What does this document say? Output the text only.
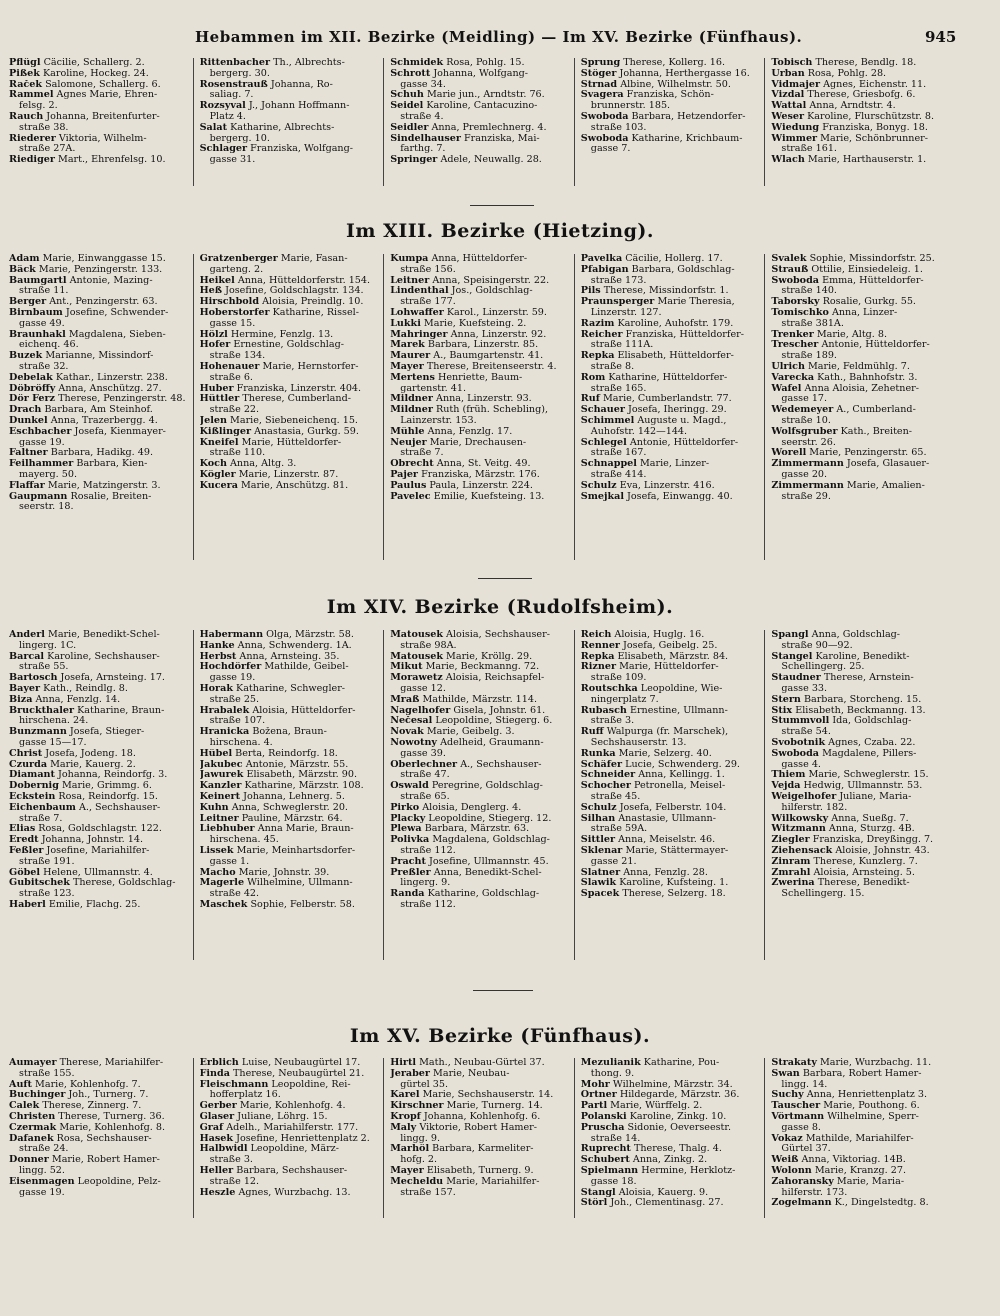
Hebammen im XII. Bezirke (Meidling) — Im XV. Bezirke (Fünfhaus).	945
Pflügl Cäcilie, Schallerg. 2.
Pißek Karoline, Hockeg. 24.
Raček Salomone, Schallerg. 6.
Rammel Agnes Marie, Ehren-
felsg. 2.
Rauch Johanna, Breitenfurter-
straße 38.
Riederer Viktoria, Wilhelm-
straße 27A.
Riediger Mart., Ehrenfelsg. 10.
Rittenbacher Th., Albrechts-
bergerg. 30.
Rosenstrauß Johanna, Ro-
saliag. 7.
Rozsyval J., Johann Hoffmann-
Platz 4.
Salat Katharine, Albrechts-
bergerg. 10.
Schlager Franziska, Wolfgang-
gasse 31.
Schmidek Rosa, Pohlg. 15.
Schrott Johanna, Wolfgang-
gasse 34.
Schuh Marie jun., Arndtstr. 76.
Seidel Karoline, Cantacuzino-
straße 4.
Seidler Anna, Premlechnerg. 4.
Sindelhauser Franziska, Mai-
farthg. 7.
Springer Adele, Neuwallg. 28.
Sprung Therese, Kollerg. 16.
Stöger Johanna, Herthergasse 16.
Strnad Albine, Wilhelmstr. 50.
Svagera Franziska, Schön-
brunnerstr. 185.
Swoboda Barbara, Hetzendorfer-
straße 103.
Swoboda Katharine, Krichbaum-
gasse 7.
Tobisch Therese, Bendlg. 18.
Urban Rosa, Pohlg. 28.
Vidmajer Agnes, Eichenstr. 11.
Vizdal Therese, Griesbofg. 6.
Wattal Anna, Arndtstr. 4.
Weser Karoline, Flurschützstr. 8.
Wiedung Franziska, Bonyg. 18.
Wimmer Marie, Schönbrunner-
straße 161.
Wlach Marie, Harthauserstr. 1.
Im XIII. Bezirke (Hietzing).
Adam Marie, Einwanggasse 15.
Bäck Marie, Penzingerstr. 133.
Baumgartl Antonie, Mazing-
straße 11.
Berger Ant., Penzingerstr. 63.
Birnbaum Josefine, Schwender-
gasse 49.
Braunhakl Magdalena, Sieben-
eichenq. 46.
Buzek Marianne, Missindorf-
straße 32.
Debelak Kathar., Linzerstr. 238.
Döbröffy Anna, Anschützg. 27.
Dör Ferz Therese, Penzingerstr. 48.
Drach Barbara, Am Steinhof.
Dunkel Anna, Trazerbergg. 4.
Eschbacher Josefa, Kienmayer-
gasse 19.
Faltner Barbara, Hadikg. 49.
Feilhammer Barbara, Kien-
mayerg. 50.
Flaffar Marie, Matzingerstr. 3.
Gaupmann Rosalie, Breiten-
seerstr. 18.
Gratzenberger Marie, Fasan-
garteng. 2.
Heikel Anna, Hütteldorferstr. 154.
Heß Josefine, Goldschlagstr. 134.
Hirschbold Aloisia, Preindlg. 10.
Hoberstorfer Katharine, Rissel-
gasse 15.
Hölzl Hermine, Fenzlg. 13.
Hofer Ernestine, Goldschlag-
straße 134.
Hohenauer Marie, Hernstorfer-
straße 6.
Huber Franziska, Linzerstr. 404.
Hüttler Therese, Cumberland-
straße 22.
Jelen Marie, Siebeneichenq. 15.
Kißlinger Anastasia, Gurkg. 59.
Kneifel Marie, Hütteldorfer-
straße 110.
Koch Anna, Altg. 3.
Kögler Marie, Linzerstr. 87.
Kucera Marie, Anschützg. 81.
Kumpa Anna, Hütteldorfer-
straße 156.
Leitner Anna, Speisingerstr. 22.
Lindenthal Jos., Goldschlag-
straße 177.
Lohwaffer Karol., Linzerstr. 59.
Lukki Marie, Kuefsteing. 2.
Mahringer Anna, Linzerstr. 92.
Marek Barbara, Linzerstr. 85.
Maurer A., Baumgartenstr. 41.
Mayer Therese, Breitenseerstr. 4.
Mertens Henriette, Baum-
gartenstr. 41.
Mildner Anna, Linzerstr. 93.
Mildner Ruth (früh. Schebling),
Lainzerstr. 153.
Mühle Anna, Fenzlg. 17.
Neujer Marie, Drechausen-
straße 7.
Obrecht Anna, St. Veitg. 49.
Pajer Franziska, Märzstr. 176.
Paulus Paula, Linzerstr. 224.
Pavelec Emilie, Kuefsteing. 13.
Pavelka Cäcilie, Hollerg. 17.
Pfabigan Barbara, Goldschlag-
straße 173.
Pils Therese, Missindorfstr. 1.
Praunsperger Marie Theresia,
Linzerstr. 127.
Razim Karoline, Auhofstr. 179.
Reicher Franziska, Hütteldorfer-
straße 111A.
Repka Elisabeth, Hütteldorfer-
straße 8.
Rom Katharine, Hütteldorfer-
straße 165.
Ruf Marie, Cumberlandstr. 77.
Schauer Josefa, Iheringg. 29.
Schimmel Auguste u. Magd.,
Auhofstr. 142—144.
Schlegel Antonie, Hütteldorfer-
straße 167.
Schnappel Marie, Linzer-
straße 414.
Schulz Eva, Linzerstr. 416.
Smejkal Josefa, Einwangg. 40.
Svalek Sophie, Missindorfstr. 25.
Strauß Ottilie, Einsiedeleig. 1.
Swoboda Emma, Hütteldorfer-
straße 140.
Taborsky Rosalie, Gurkg. 55.
Tomischko Anna, Linzer-
straße 381A.
Trenker Marie, Altg. 8.
Trescher Antonie, Hütteldorfer-
straße 189.
Ulrich Marie, Feldmühlg. 7.
Varecka Kath., Bahnhofstr. 3.
Wafel Anna Aloisia, Zehetner-
gasse 17.
Wedemeyer A., Cumberland-
straße 10.
Wolfsgruber Kath., Breiten-
seerstr. 26.
Worell Marie, Penzingerstr. 65.
Zimmermann Josefa, Glasauer-
gasse 20.
Zimmermann Marie, Amalien-
straße 29.
Im XIV. Bezirke (Rudolfsheim).
Anderl Marie, Benedikt-Schel-
lingerg. 1C.
Barcal Karoline, Sechshauser-
straße 55.
Bartosch Josefa, Arnsteing. 17.
Bayer Kath., Reindlg. 8.
Biza Anna, Fenzlg. 14.
Bruckthaler Katharine, Braun-
hirschena. 24.
Bunzmann Josefa, Stieger-
gasse 15—17.
Christ Josefa, Jodeng. 18.
Czurda Marie, Kauerg. 2.
Diamant Johanna, Reindorfg. 3.
Dobernig Marie, Grimmg. 6.
Eckstein Rosa, Reindorfg. 15.
Eichenbaum A., Sechshauser-
straße 7.
Elias Rosa, Goldschlagstr. 122.
Eredt Johanna, Johnstr. 14.
Feßler Josefine, Mariahilfer-
straße 191.
Göbel Helene, Ullmannstr. 4.
Gubitschek Therese, Goldschlag-
straße 123.
Haberl Emilie, Flachg. 25.
Habermann Olga, Märzstr. 58.
Hanke Anna, Schwenderg. 1A.
Herbst Anna, Arnsteing. 35.
Hochdörfer Mathilde, Geibel-
gasse 19.
Horak Katharine, Schwegler-
straße 25.
Hrabalek Aloisia, Hütteldorfer-
straße 107.
Hranicka Božena, Braun-
hirschena. 4.
Hübel Berta, Reindorfg. 18.
Jakubec Antonie, Märzstr. 55.
Jawurek Elisabeth, Märzstr. 90.
Kanzler Katharine, Märzstr. 108.
Keinert Johanna, Lehnerg. 5.
Kuhn Anna, Schweglerstr. 20.
Leitner Pauline, Märzstr. 64.
Liebhuber Anna Marie, Braun-
hirschena. 45.
Lissek Marie, Meinhartsdorfer-
gasse 1.
Macho Marie, Johnstr. 39.
Magerle Wilhelmine, Ullmann-
straße 42.
Maschek Sophie, Felberstr. 58.
Matousek Aloisia, Sechshauser-
straße 98A.
Matousek Marie, Kröllg. 29.
Mikut Marie, Beckmanng. 72.
Morawetz Aloisia, Reichsapfel-
gasse 12.
Mraß Mathilde, Märzstr. 114.
Nagelhofer Gisela, Johnstr. 61.
Nečesal Leopoldine, Stiegerg. 6.
Novak Marie, Geibelg. 3.
Nowotny Adelheid, Graumann-
gasse 39.
Oberlechner A., Sechshauser-
straße 47.
Oswald Peregrine, Goldschlag-
straße 65.
Pirko Aloisia, Denglerg. 4.
Placky Leopoldine, Stiegerg. 12.
Plewa Barbara, Märzstr. 63.
Polivka Magdalena, Goldschlag-
straße 112.
Pracht Josefine, Ullmannstr. 45.
Preßler Anna, Benedikt-Schel-
lingerg. 9.
Randa Katharine, Goldschlag-
straße 112.
Reich Aloisia, Huglg. 16.
Renner Josefa, Geibelg. 25.
Repka Elisabeth, Märzstr. 84.
Rizner Marie, Hütteldorfer-
straße 109.
Routschka Leopoldine, Wie-
ningerplatz 7.
Rubasch Ernestine, Ullmann-
straße 3.
Ruff Walpurga (fr. Marschek),
Sechshauserstr. 13.
Runka Marie, Selzerg. 40.
Schäfer Lucie, Schwenderg. 29.
Schneider Anna, Kellingg. 1.
Schocher Petronella, Meisel-
straße 45.
Schulz Josefa, Felberstr. 104.
Silhan Anastasie, Ullmann-
straße 59A.
Sittler Anna, Meiselstr. 46.
Sklenar Marie, Stättermayer-
gasse 21.
Slatner Anna, Fenzlg. 28.
Slawik Karoline, Kufsteing. 1.
Spacek Therese, Selzerg. 18.
Spangl Anna, Goldschlag-
straße 90—92.
Stangel Karoline, Benedikt-
Schellingerg. 25.
Staudner Therese, Arnstein-
gasse 33.
Stern Barbara, Storcheng. 15.
Stix Elisabeth, Beckmanng. 13.
Stummvoll Ida, Goldschlag-
straße 54.
Svobotnik Agnes, Czaba. 22.
Swoboda Magdalene, Pillers-
gasse 4.
Thiem Marie, Schweglerstr. 15.
Vejda Hedwig, Ullmannstr. 53.
Weigelhofer Juliane, Maria-
hilferstr. 182.
Wilkowsky Anna, Sueßg. 7.
Witzmann Anna, Sturzg. 4B.
Ziegler Franziska, Dreyßingg. 7.
Ziehensack Aloisie, Johnstr. 43.
Zinram Therese, Kunzlerg. 7.
Zmrahl Aloisia, Arnsteing. 5.
Zwerina Therese, Benedikt-
Schellingerg. 15.
Im XV. Bezirke (Fünfhaus).
Aumayer Therese, Mariahilfer-
straße 155.
Auft Marie, Kohlenhofg. 7.
Buchinger Joh., Turnerg. 7.
Calek Therese, Zinnerg. 7.
Christen Therese, Turnerg. 36.
Czermak Marie, Kohlenhofg. 8.
Dafanek Rosa, Sechshauser-
straße 24.
Donner Marie, Robert Hamer-
lingg. 52.
Eisenmagen Leopoldine, Pelz-
gasse 19.
Erblich Luise, Neubaugürtel 17.
Finda Therese, Neubaugürtel 21.
Fleischmann Leopoldine, Rei-
hofferplatz 16.
Gerber Marie, Kohlenhofg. 4.
Glaser Juliane, Löhrg. 15.
Graf Adelh., Mariahilferstr. 177.
Hasek Josefine, Henriettenplatz 2.
Halbwidl Leopoldine, März-
straße 3.
Heller Barbara, Sechshauser-
straße 12.
Heszle Agnes, Wurzbachg. 13.
Hirtl Math., Neubau-Gürtel 37.
Jeraber Marie, Neubau-
gürtel 35.
Karel Marie, Sechshauserstr. 14.
Kirschner Marie, Turnerg. 14.
Kropf Johanna, Kohlenhofg. 6.
Maly Viktorie, Robert Hamer-
lingg. 9.
Marhöl Barbara, Karmeliter-
hofg. 2.
Mayer Elisabeth, Turnerg. 9.
Mecheldu Marie, Mariahilfer-
straße 157.
Mezulianik Katharine, Pou-
thong. 9.
Mohr Wilhelmine, Märzstr. 34.
Ortner Hildegarde, Märzstr. 36.
Partl Marie, Würffelg. 2.
Polanski Karoline, Zinkg. 10.
Pruscha Sidonie, Oeverseestr.
straße 14.
Ruprecht Therese, Thalg. 4.
Schubert Anna, Zinkg. 2.
Spielmann Hermine, Herklotz-
gasse 18.
Stangl Aloisia, Kauerg. 9.
Störl Joh., Clementinasg. 27.
Strakaty Marie, Wurzbachg. 11.
Swan Barbara, Robert Hamer-
lingg. 14.
Suchy Anna, Henriettenplatz 3.
Tauscher Marie, Pouthong. 6.
Vörtmann Wilhelmine, Sperr-
gasse 8.
Vokaz Mathilde, Mariahilfer-
Gürtel 37.
Weiß Anna, Viktoriag. 14B.
Wolonn Marie, Kranzg. 27.
Zahoransky Marie, Maria-
hilferstr. 173.
Zogelmann K., Dingelstedtg. 8.
